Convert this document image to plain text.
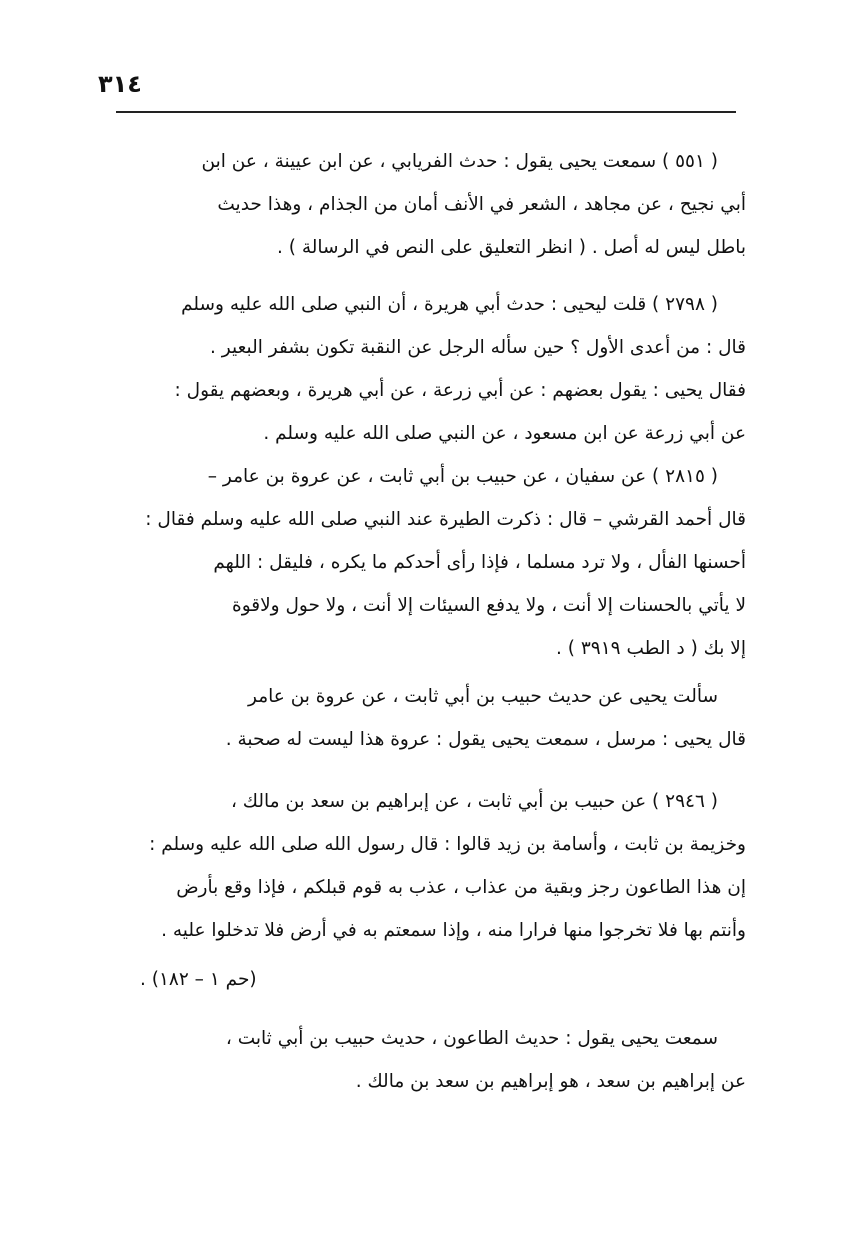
٣١٤
( ٥٥١ ) سمعت يحيى يقول : حدث الفريابي ، عن ابن عيينة ، عن ابن
أبي نجيح ، عن مجاهد ، الشعر في الأنف أمان من الجذام ، وهذا حديث
باطل ليس له أصل . ( انظر التعليق على النص في الرسالة ) .
( ٢٧٩٨ ) قلت ليحيى : حدث أبي هريرة ، أن النبي صلى الله عليه وسلم
قال : من أعدى الأول ؟ حين سأله الرجل عن النقبة تكون بشفر البعير .
فقال يحيى : يقول بعضهم : عن أبي زرعة ، عن أبي هريرة ، وبعضهم يقول :
عن أبي زرعة عن ابن مسعود ، عن النبي صلى الله عليه وسلم .
( ٢٨١٥ ) عن سفيان ، عن حبيب بن أبي ثابت ، عن عروة بن عامر –
قال أحمد القرشي – قال : ذكرت الطيرة عند النبي صلى الله عليه وسلم فقال :
أحسنها الفأل ، ولا ترد مسلما ، فإذا رأى أحدكم ما يكره ، فليقل : اللهم
لا يأتي بالحسنات إلا أنت ، ولا يدفع السيئات إلا أنت ، ولا حول ولاقوة
إلا بك ( د الطب ٣٩١٩ ) .
سألت يحيى عن حديث حبيب بن أبي ثابت ، عن عروة بن عامر
قال يحيى : مرسل ، سمعت يحيى يقول : عروة هذا ليست له صحبة .
( ٢٩٤٦ ) عن حبيب بن أبي ثابت ، عن إبراهيم بن سعد بن مالك ،
وخزيمة بن ثابت ، وأسامة بن زيد قالوا : قال رسول الله صلى الله عليه وسلم :
إن هذا الطاعون رجز وبقية من عذاب ، عذب به قوم قبلكم ، فإذا وقع بأرض
وأنتم بها فلا تخرجوا منها فرارا منه ، وإذا سمعتم به في أرض فلا تدخلوا عليه .
(حم ١ – ١٨٢) .
سمعت يحيى يقول : حديث الطاعون ، حديث حبيب بن أبي ثابت ،
عن إبراهيم بن سعد ، هو إبراهيم بن سعد بن مالك .
